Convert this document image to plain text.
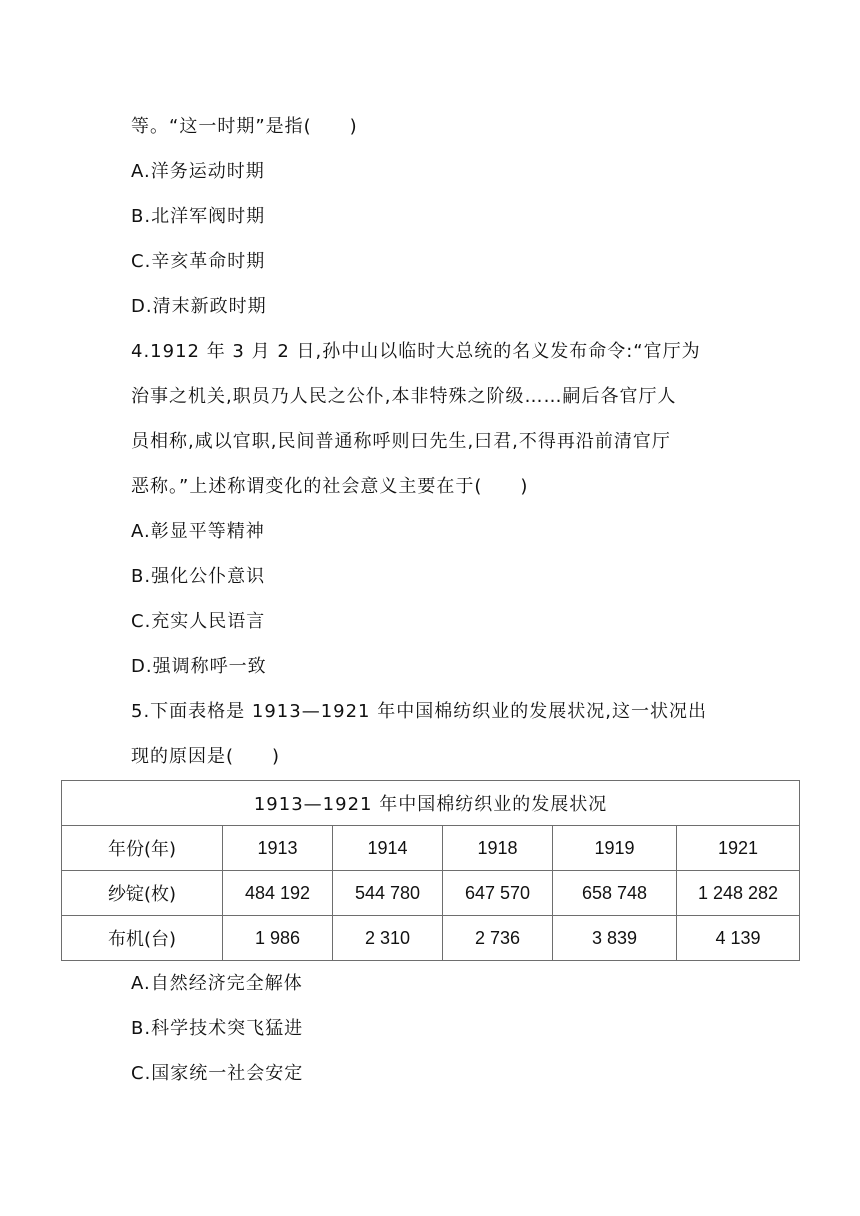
等。“这一时期”是指(　　)
A.洋务运动时期
B.北洋军阀时期
C.辛亥革命时期
D.清末新政时期
4.1912 年 3 月 2 日,孙中山以临时大总统的名义发布命令:“官厅为
治事之机关,职员乃人民之公仆,本非特殊之阶级……嗣后各官厅人
员相称,咸以官职,民间普通称呼则曰先生,曰君,不得再沿前清官厅
恶称。”上述称谓变化的社会意义主要在于(　　)
A.彰显平等精神
B.强化公仆意识
C.充实人民语言
D.强调称呼一致
5.下面表格是 1913—1921 年中国棉纺织业的发展状况,这一状况出
现的原因是(　　)
1913—1921 年中国棉纺织业的发展状况					
年份(年)	1913	1914	1918	1919	1921
纱锭(枚)	484 192	544 780	647 570	658 748	1 248 282
布机(台)	1 986	2 310	2 736	3 839	4 139
A.自然经济完全解体
B.科学技术突飞猛进
C.国家统一社会安定
